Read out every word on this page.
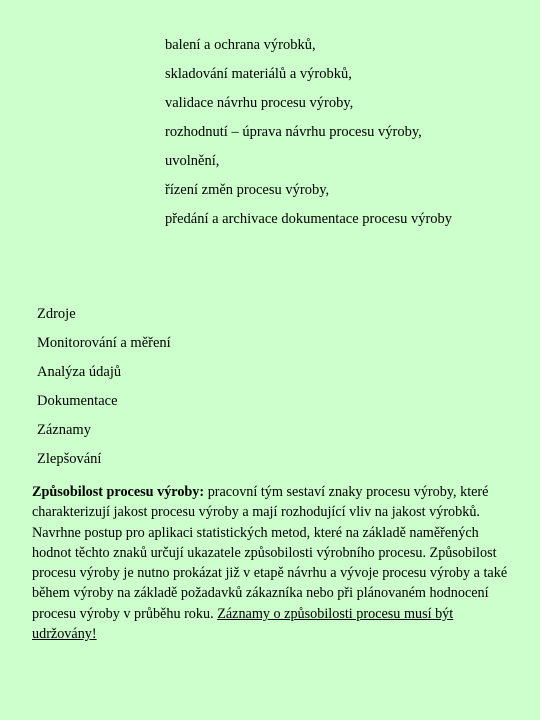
balení a ochrana výrobků,
skladování materiálů a výrobků,
validace návrhu procesu výroby,
rozhodnutí – úprava návrhu procesu výroby,
uvolnění,
řízení změn procesu výroby,
předání a archivace dokumentace procesu výroby
Zdroje
Monitorování a měření
Analýza údajů
Dokumentace
Záznamy
Zlepšování

Způsobilost procesu výroby: pracovní tým sestaví znaky procesu výroby, které charakterizují jakost procesu výroby a mají rozhodující vliv na jakost výrobků. Navrhne postup pro aplikaci statistických metod, které na základě naměřených hodnot těchto znaků určují ukazatele způsobilosti výrobního procesu. Způsobilost procesu výroby je nutno prokázat již v etapě návrhu a vývoje procesu výroby a také během výroby na základě požadavků zákazníka nebo při plánovaném hodnocení procesu výroby v průběhu roku. Záznamy o způsobilosti procesu musí být udržovány!
